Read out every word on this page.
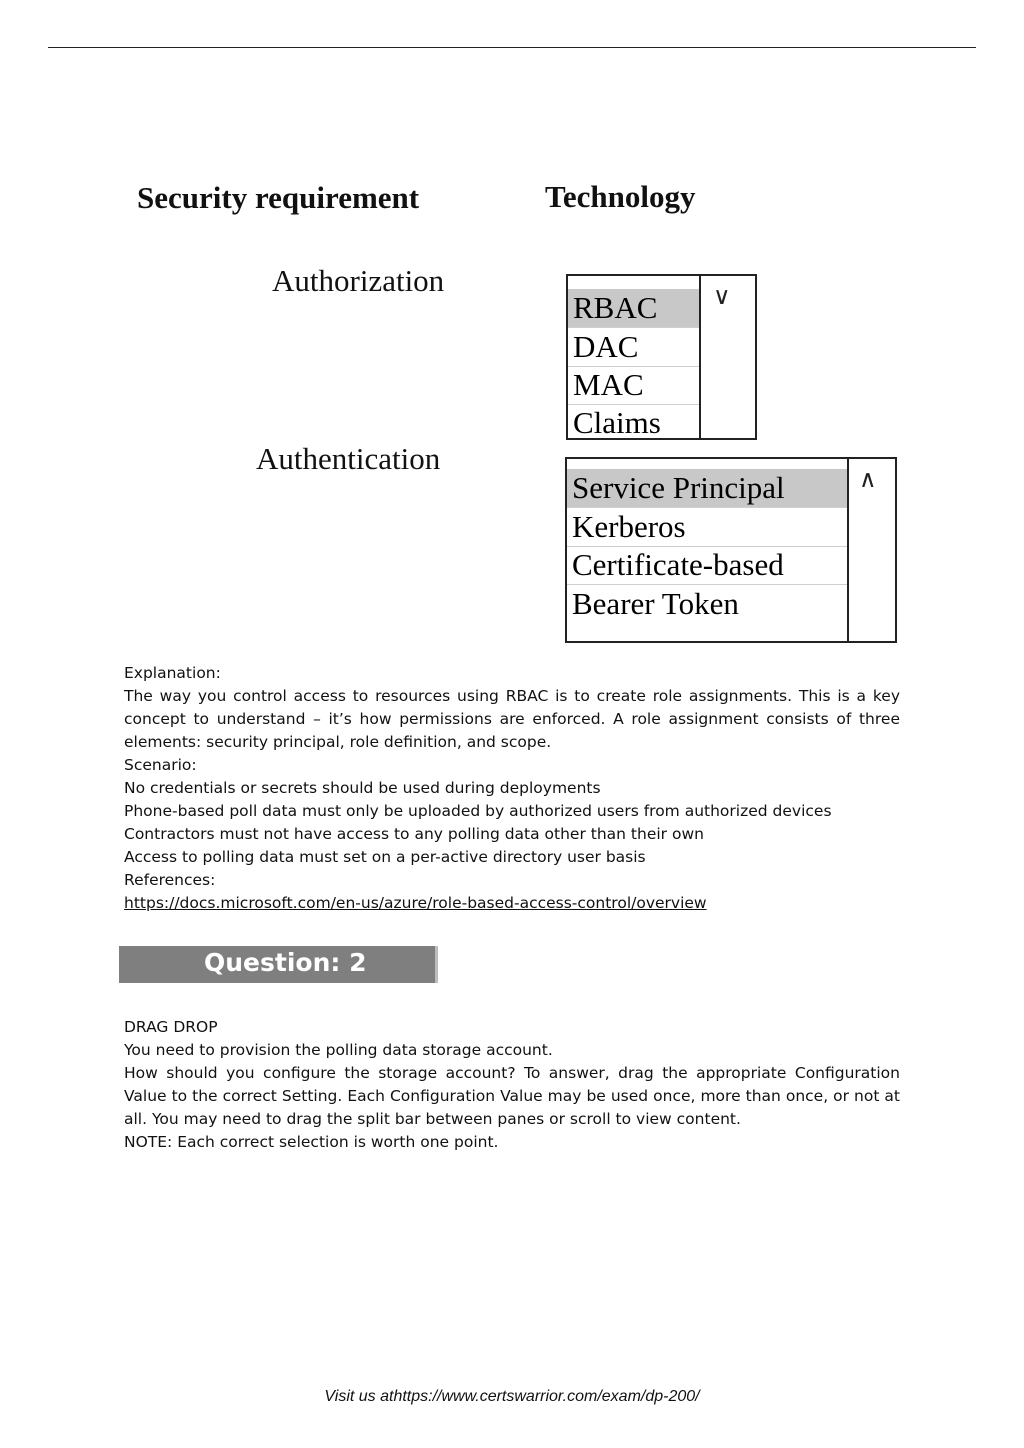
Security requirement	Technology
Authorization
RBAC
DAC
MAC
Claims
∨
Authentication
Service Principal
Kerberos
Certificate-based
Bearer Token
∧

Explanation:

The way you control access to resources using RBAC is to create role assignments. This is a key concept to understand – it’s how permissions are enforced. A role assignment consists of three elements: security principal, role definition, and scope.

Scenario:

No credentials or secrets should be used during deployments

Phone-based poll data must only be uploaded by authorized users from authorized devices

Contractors must not have access to any polling data other than their own

Access to polling data must set on a per-active directory user basis

References:

https://docs.microsoft.com/en-us/azure/role-based-access-control/overview

Question: 2

DRAG DROP

You need to provision the polling data storage account.

How should you configure the storage account? To answer, drag the appropriate Configuration Value to the correct Setting. Each Configuration Value may be used once, more than once, or not at all. You may need to drag the split bar between panes or scroll to view content.

NOTE: Each correct selection is worth one point.

Visit us athttps://www.certswarrior.com/exam/dp-200/
